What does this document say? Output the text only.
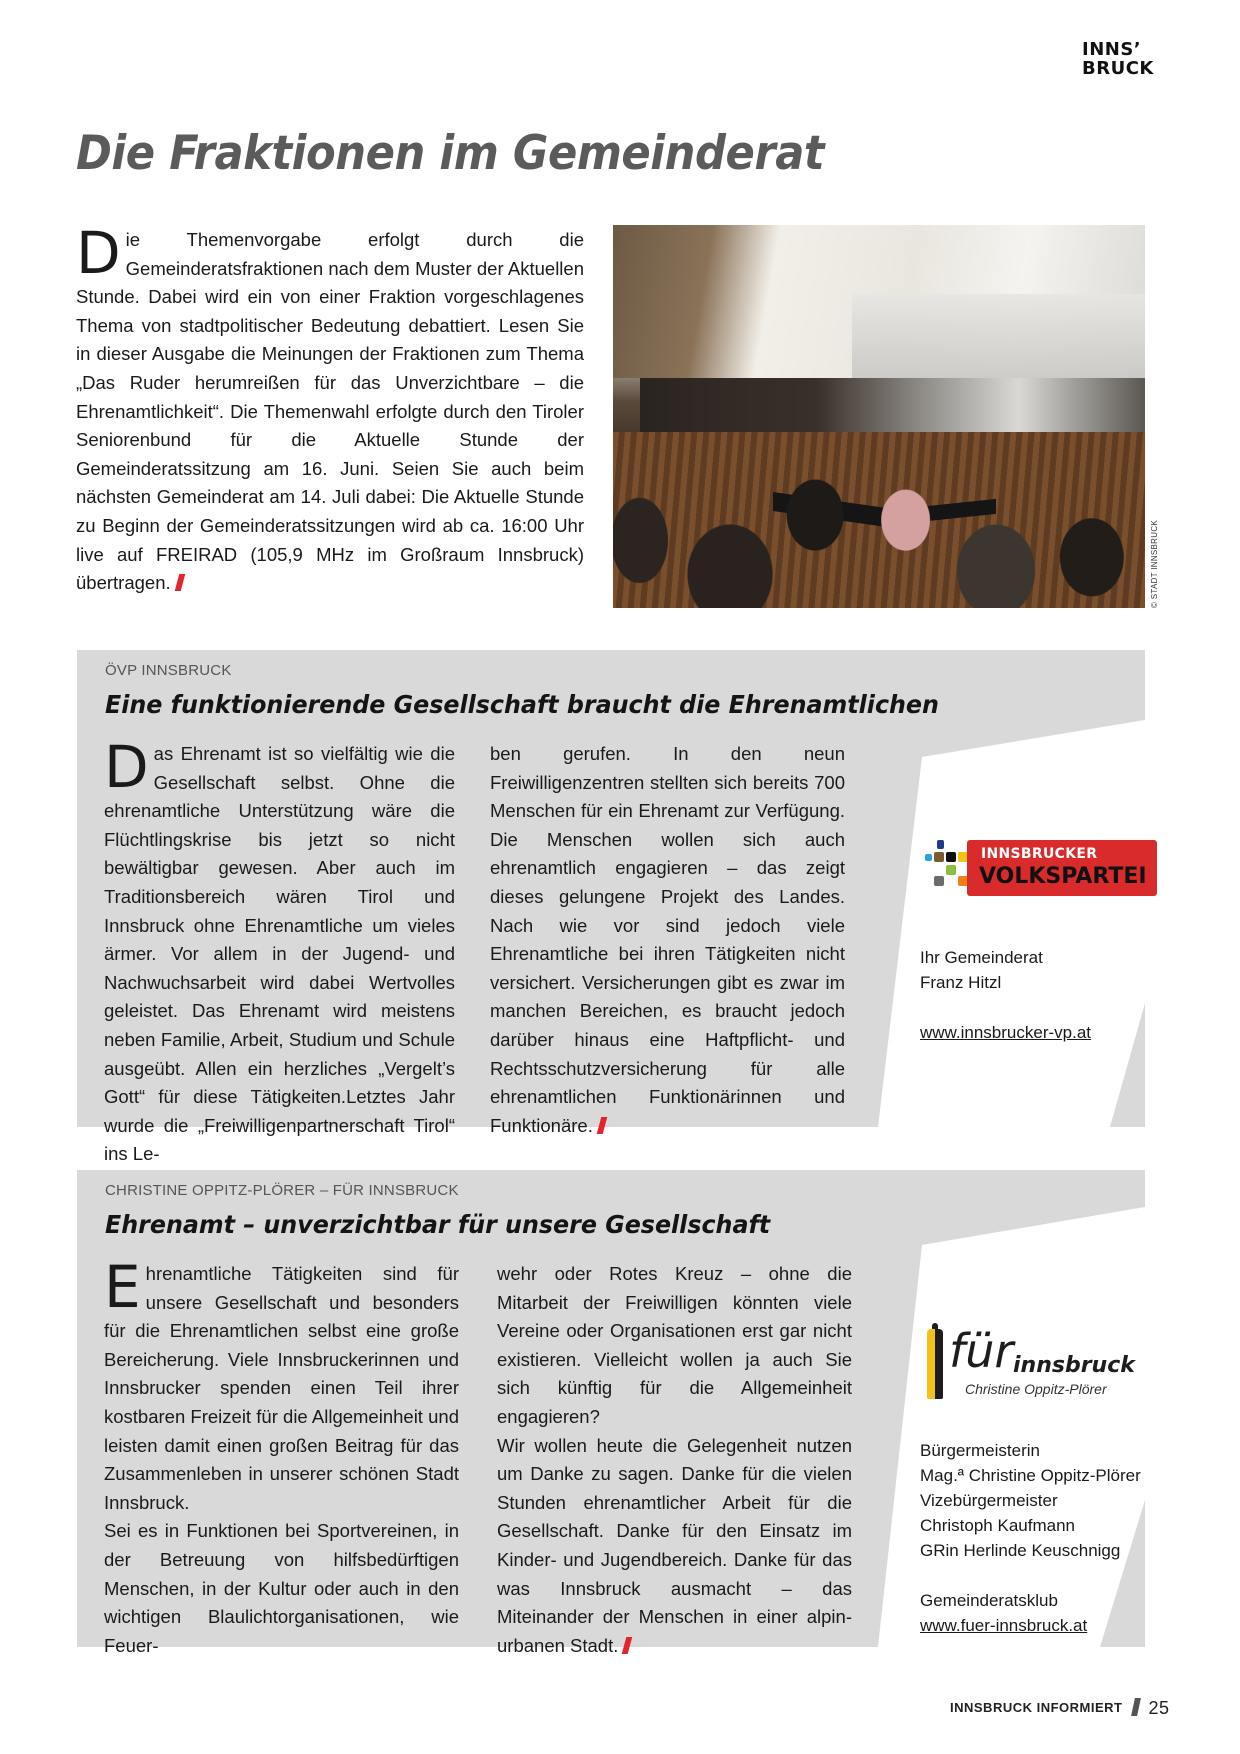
INNS’
BRUCK
Die Fraktionen im Gemeinderat
Die Themenvorgabe erfolgt durch die Gemeinderatsfraktionen nach dem Muster der Aktuellen Stunde. Dabei wird ein von einer Fraktion vorgeschlagenes Thema von stadtpolitischer Bedeutung debattiert. Lesen Sie in dieser Ausgabe die Meinungen der Fraktionen zum Thema „Das Ruder herumreißen für das Unverzichtbare – die Ehrenamtlichkeit“. Die Themenwahl erfolgte durch den Tiroler Seniorenbund für die Aktuelle Stunde der Gemeinderatssitzung am 16. Juni. Seien Sie auch beim nächsten Gemeinderat am 14. Juli dabei: Die Aktuelle Stunde zu Beginn der Gemeinderatssitzungen wird ab ca. 16:00 Uhr live auf FREIRAD (105,9 MHz im Großraum Innsbruck) übertragen.	© STADT INNSBRUCK
ÖVP INNSBRUCK
Eine funktionierende Gesellschaft braucht die Ehrenamtlichen
Das Ehrenamt ist so vielfältig wie die Gesellschaft selbst. Ohne die ehrenamtliche Unterstützung wäre die Flüchtlingskrise bis jetzt so nicht bewältigbar gewesen. Aber auch im Traditionsbereich wären Tirol und Innsbruck ohne Ehrenamtliche um vieles ärmer. Vor allem in der Jugend- und Nachwuchsarbeit wird dabei Wertvolles geleistet. Das Ehrenamt wird meistens neben Familie, Arbeit, Studium und Schule ausgeübt. Allen ein herzliches „Vergelt’s Gott“ für diese Tätigkeiten.Letztes Jahr wurde die „Freiwilligenpartnerschaft Tirol“ ins Le-
ben gerufen. In den neun Freiwilligenzentren stellten sich bereits 700 Menschen für ein Ehrenamt zur Verfügung. Die Menschen wollen sich auch ehrenamtlich engagieren – das zeigt dieses gelungene Projekt des Landes. Nach wie vor sind jedoch viele Ehrenamtliche bei ihren Tätigkeiten nicht versichert. Versicherungen gibt es zwar im manchen Bereichen, es braucht jedoch darüber hinaus eine Haftpflicht- und Rechtsschutzversicherung für alle ehrenamtlichen Funktionärinnen und Funktionäre.
INNSBRUCKER
VOLKSPARTEI
Ihr Gemeinderat
Franz Hitzl
www.innsbrucker-vp.at
CHRISTINE OPPITZ-PLÖRER – FÜR INNSBRUCK
Ehrenamt – unverzichtbar für unsere Gesellschaft

Ehrenamtliche Tätigkeiten sind für unsere Gesellschaft und besonders für die Ehrenamtlichen selbst eine große Bereicherung. Viele Innsbruckerinnen und Innsbrucker spenden einen Teil ihrer kostbaren Freizeit für die Allgemeinheit und leisten damit einen großen Beitrag für das Zusammenleben in unserer schönen Stadt Innsbruck.

Sei es in Funktionen bei Sportvereinen, in der Betreuung von hilfsbedürftigen Menschen, in der Kultur oder auch in den wichtigen Blaulichtorganisationen, wie Feuer-

wehr oder Rotes Kreuz – ohne die Mitarbeit der Freiwilligen könnten viele Vereine oder Organisationen erst gar nicht existieren. Vielleicht wollen ja auch Sie sich künftig für die Allgemeinheit engagieren?

Wir wollen heute die Gelegenheit nutzen um Danke zu sagen. Danke für die vielen Stunden ehrenamtlicher Arbeit für die Gesellschaft. Danke für den Einsatz im Kinder- und Jugendbereich. Danke für das was Innsbruck ausmacht – das Miteinander der Menschen in einer alpin-urbanen Stadt.

für innsbruck
Christine Oppitz-Plörer
Bürgermeisterin
Mag.ª Christine Oppitz-Plörer
Vizebürgermeister
Christoph Kaufmann
GRin Herlinde Keuschnigg
Gemeinderatsklub
www.fuer-innsbruck.at
INNSBRUCK INFORMIERT 25
